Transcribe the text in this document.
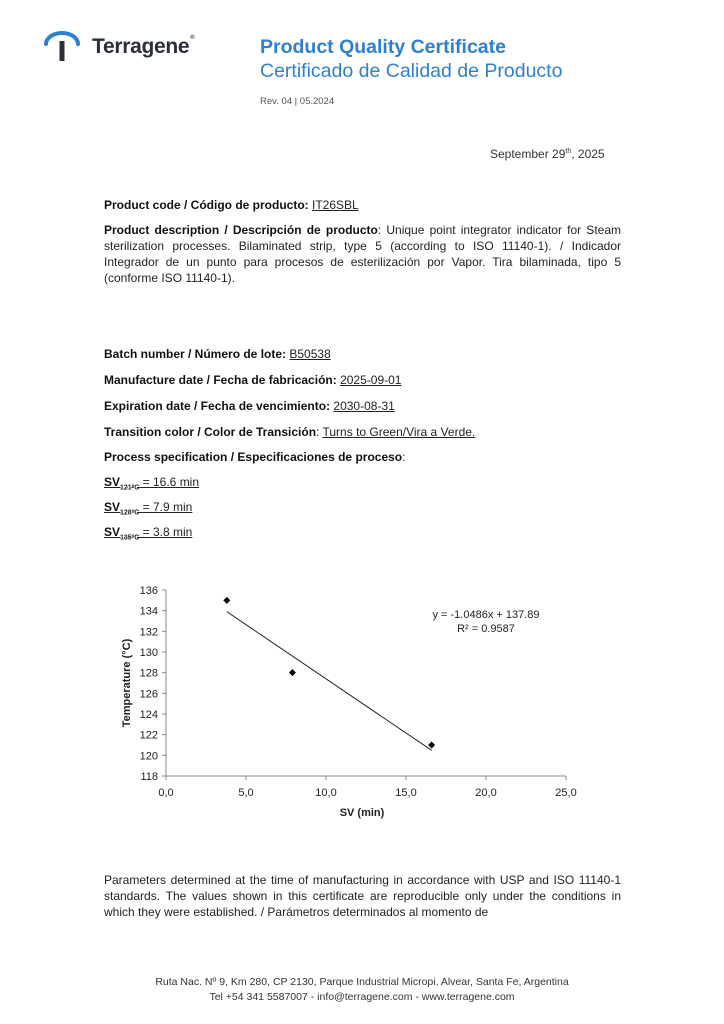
Terragene®	Product Quality Certificate
Certificado de Calidad de Producto
Rev. 04 | 05.2024
September 29th, 2025
Product code / Código de producto: IT26SBL
Product description / Descripción de producto: Unique point integrator indicator for Steam sterilization processes. Bilaminated strip, type 5 (according to ISO 11140-1). / Indicador Integrador de un punto para procesos de esterilización por Vapor. Tira bilaminada, tipo 5 (conforme ISO 11140-1).
Batch number / Número de lote: B50538
Manufacture date / Fecha de fabricación: 2025-09-01
Expiration date / Fecha de vencimiento: 2030-08-31
Transition color / Color de Transición: Turns to Green/Vira a Verde.
Process specification / Especificaciones de proceso:
$SV_{121ºC} = 16.6$ min
$SV_{128ºC} = 7.9$ min
$SV_{135ºC} = 3.8$ min
118
120
122
124
126
128
130
132
134
136
0,0	5,0	10,0	15,0	20,0	25,0
y = -1.0486x + 137.89
R² = 0.9587
SV (min)
Temperature (°C)
Parameters determined at the time of manufacturing in accordance with USP and ISO 11140-1 standards. The values shown in this certificate are reproducible only under the conditions in which they were established. / Parámetros determinados al momento de
Ruta Nac. Nº 9, Km 280, CP 2130, Parque Industrial Micropi, Alvear, Santa Fe, Argentina
Tel +54 341 5587007 - info@terragene.com - www.terragene.com
